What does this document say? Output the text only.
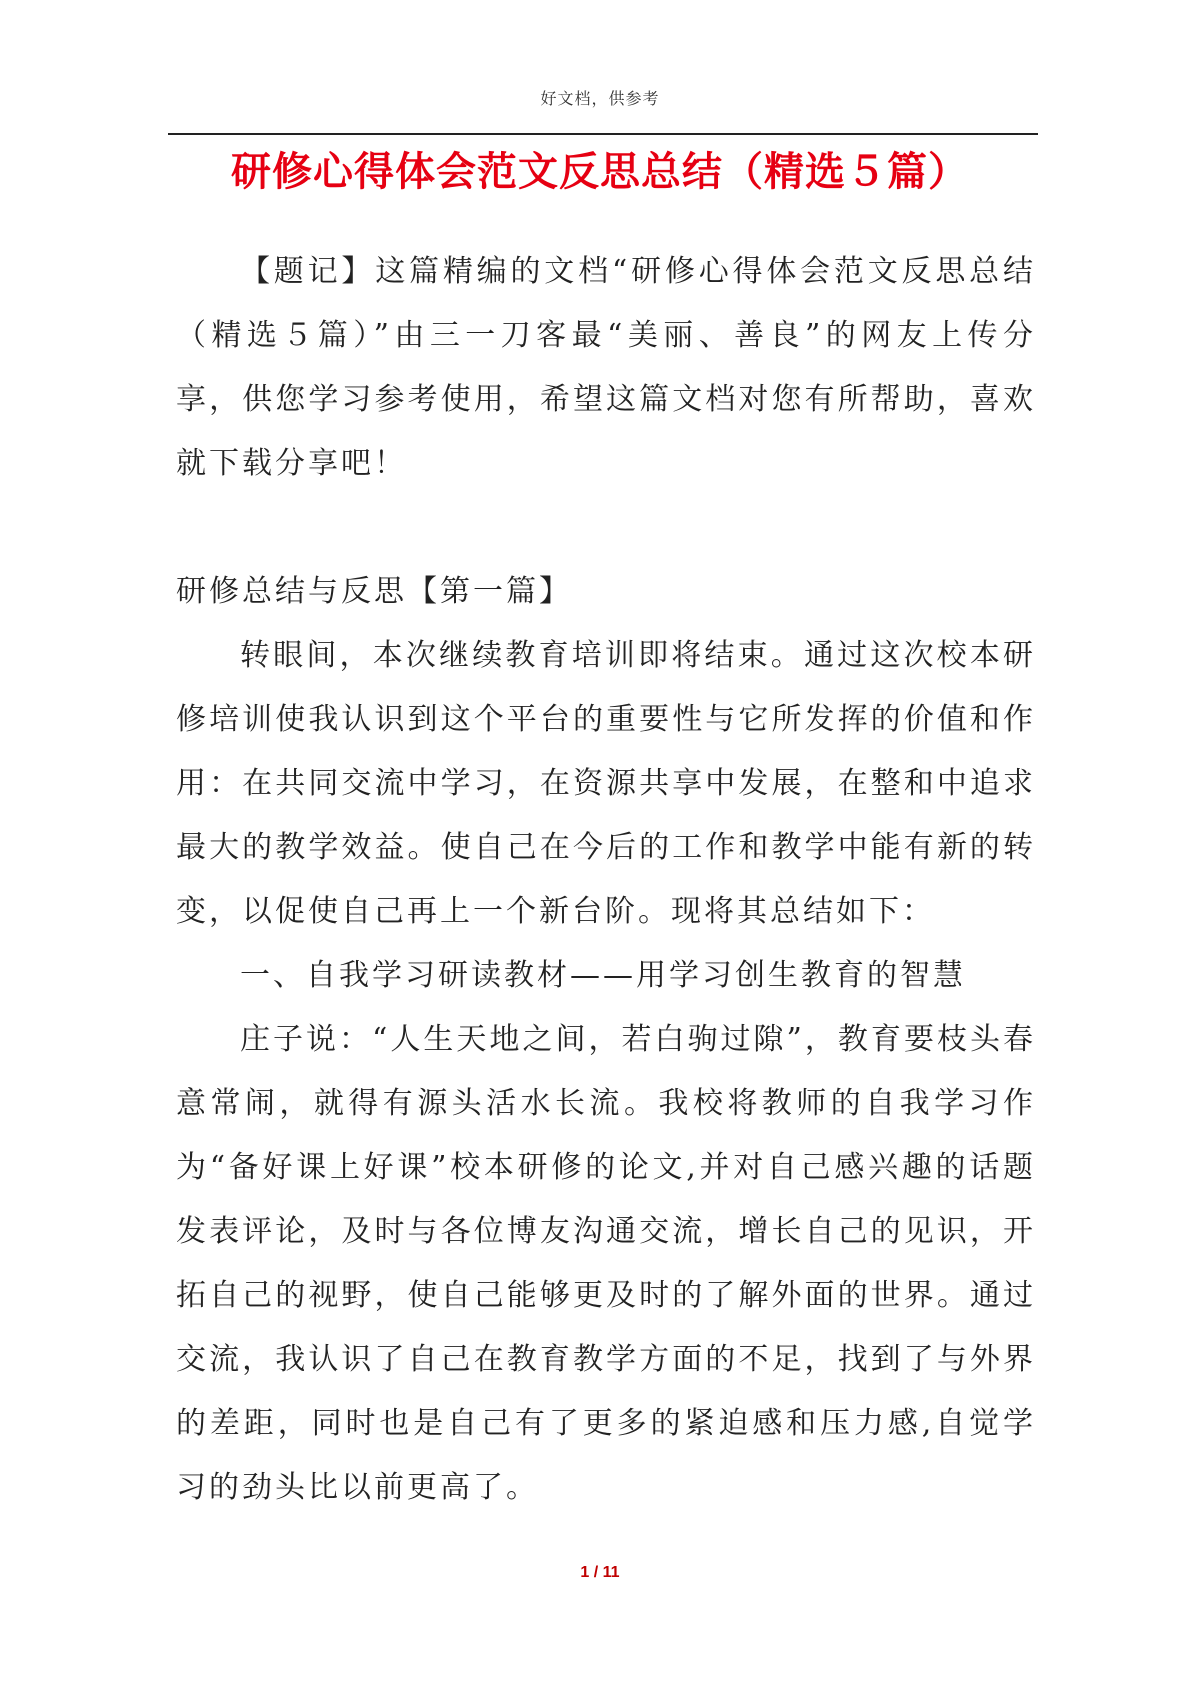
好文档，供参考
研修心得体会范文反思总结（精选５篇）

【题记】这篇精编的文档“研修心得体会范文反思总结（精选５篇）”由三一刀客最“美丽、善良”的网友上传分享，供您学习参考使用，希望这篇文档对您有所帮助，喜欢就下载分享吧！

研修总结与反思【第一篇】

转眼间，本次继续教育培训即将结束。通过这次校本研修培训使我认识到这个平台的重要性与它所发挥的价值和作用：在共同交流中学习，在资源共享中发展，在整和中追求最大的教学效益。使自己在今后的工作和教学中能有新的转变，以促使自己再上一个新台阶。现将其总结如下：

一、自我学习研读教材——用学习创生教育的智慧

庄子说：“人生天地之间，若白驹过隙”，教育要枝头春意常闹，就得有源头活水长流。我校将教师的自我学习作为“备好课上好课”校本研修的论文,并对自己感兴趣的话题发表评论，及时与各位博友沟通交流，增长自己的见识，开拓自己的视野，使自己能够更及时的了解外面的世界。通过交流，我认识了自己在教育教学方面的不足，找到了与外界的差距，同时也是自己有了更多的紧迫感和压力感,自觉学习的劲头比以前更高了。

1 / 11
